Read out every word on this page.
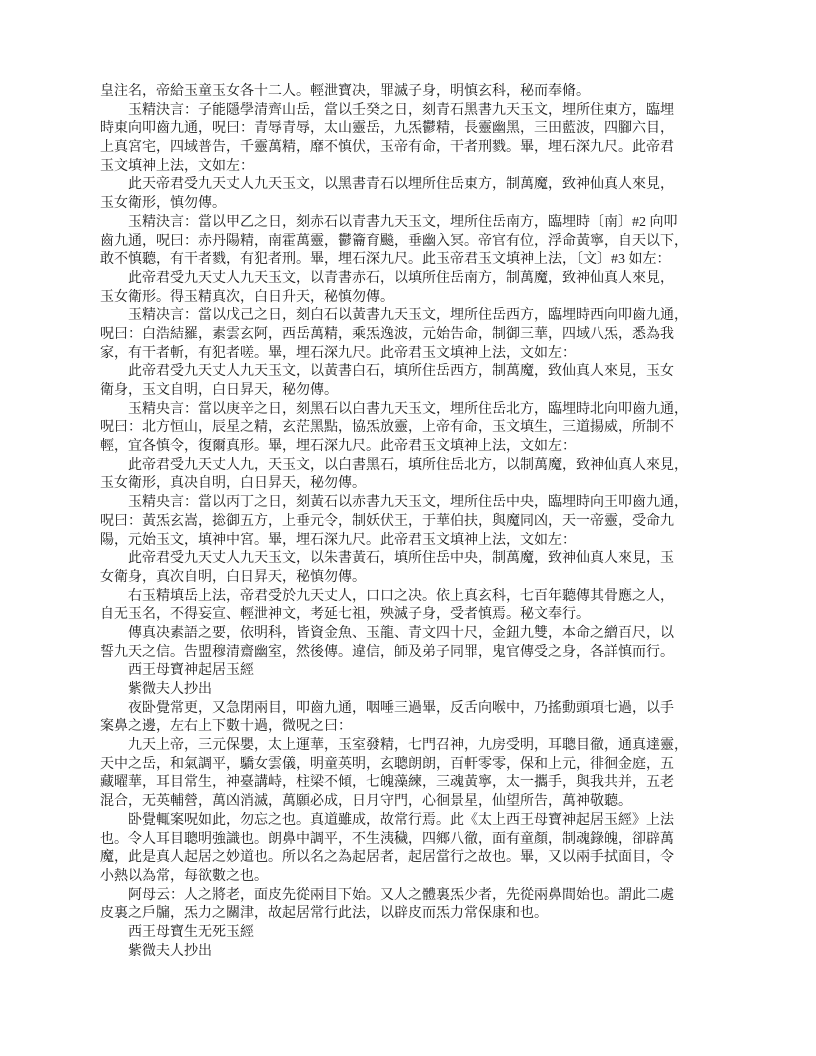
皇注名，帝給玉童玉女各十二人。輕泄寶决，罪滅子身，明慎玄科，秘而奉脩。
　　玉精決言：子能隱學清齊山岳，當以壬癸之日，刻青石黑書九天玉文，埋所住東方，臨埋
時東向叩齒九通，呪曰：青辱青辱，太山靈岳，九炁鬱精，長靈幽黑，三田藍波，四腳六目，
上真宮宅，四域普告，千靈萬精，靡不慎伏，玉帝有命，干者刑戮。畢，埋石深九尺。此帝君
玉文填神上法，文如左：
　　此天帝君受九天丈人九天玉文，以黑書青石以埋所住岳東方，制萬魔，致神仙真人來見，
玉女衛形，慎勿傳。
　　玉精決言：當以甲乙之日，刻赤石以青書九天玉文，埋所住岳南方，臨埋時〔南〕#2 向叩
齒九通，呪曰：赤丹陽精，南霍萬靈，鬱籥育飈，垂幽入冥。帝官有位，浮命黃寧，自天以下，
敢不慎聽，有干者戮，有犯者刑。畢，埋石深九尺。此玉帝君玉文填神上法，〔文〕#3 如左：
　　此帝君受九天丈人九天玉文，以青書赤石，以填所住岳南方，制萬魔，致神仙真人來見，
玉女衛形。得玉精真次，白日升天，秘慎勿傳。
　　玉精决言：當以戊己之日，刻白石以黃書九天玉文，埋所住岳西方，臨埋時西向叩齒九通，
呪曰：白浩結羅，素雲玄阿，西岳萬精，乘炁逸波，元始告命，制御三華，四域八炁，悉為我
家，有干者斬，有犯者嗟。畢，埋石深九尺。此帝君玉文填神上法，文如左：
　　此帝君受九天丈人九天玉文，以黃書白石，填所住岳西方，制萬魔，致仙真人來見，玉女
衛身，玉文自明，白日昇天，秘勿傳。
　　玉精央言：當以庚辛之日，刻黑石以白書九天玉文，埋所住岳北方，臨埋時北向叩齒九通，
呪曰：北方恒山，辰星之精，玄茫黑點，協炁放靈，上帝有命，玉文填生，三道揚威，所制不
輕，宜各慎令，復爾真形。畢，埋石深九尺。此帝君玉文填神上法，文如左：
　　此帝君受九天丈人九，天玉文，以白書黑石，填所住岳北方，以制萬魔，致神仙真人來見，
玉女衛形，真决自明，白日昇天，秘勿傳。
　　玉精央言：當以丙丁之日，刻黃石以赤書九天玉文，埋所住岳中央，臨埋時向王叩齒九通，
呪曰：黃炁玄嵩，捴御五方，上垂元令，制妖伏王，于華伯扶，與魔同凶，天一帝靈，受命九
陽，元始玉文，填神中宮。畢，埋石深九尺。此帝君玉文填神上法，文如左：
　　此帝君受九天丈人九天玉文，以朱書黃石，填所住岳中央，制萬魔，致神仙真人來見，玉
女衛身，真次自明，白日昇天，秘慎勿傳。
　　右玉精填岳上法，帝君受於九天丈人，口口之决。依上真玄科，七百年聽傳其骨應之人，
自无玉名，不得妄宣、輕泄神文，考延七祖，殃滅子身，受者慎焉。秘文奉行。
　　傳真决素語之要，依明科，皆資金魚、玉龍、青文四十尺，金鈕九雙，本命之繒百尺，以
誓九天之信。告盟穆清齋幽室，然後傳。違信，師及弟子同罪，鬼官傳受之身，各詳慎而行。
　　西王母寶神起居玉經
　　紫微夫人抄出
　　夜卧覺常更，又急閉兩目，叩齒九通，咽唾三過畢，反舌向喉中，乃搖動頭項七過，以手
案鼻之邊，左右上下數十過，微呪之曰：
　　九天上帝，三元保嬰，太上運華，玉室發精，七門召神，九房受明，耳聰目徹，通真達靈，
天中之岳，和氣調平，驕女雲儀，明童英明，玄聰朗朗，百軒零零，保和上元，徘徊金庭，五
藏曜華，耳目常生，神臺講峙，柱梁不傾，七魄藻練，三魂黃寧，太一攜手，與我共并，五老
混合，无英輔營，萬凶消滅，萬願必成，日月守門，心徊景星，仙望所告，萬神敬聽。
　　卧覺輒案呪如此，勿忘之也。真道雖成，故常行焉。此《太上西王母寶神起居玉經》上法
也。令人耳目聰明強識也。朗鼻中調平，不生洟穢，四鄉八徹，面有童顏，制魂錄魄，卻辟萬
魔，此是真人起居之妙道也。所以名之為起居者，起居當行之故也。畢，又以兩手拭面目，令
小熱以為常，每欲數之也。
　　阿母云：人之將老，面皮先從兩目下始。又人之體裏炁少者，先從兩鼻間始也。謂此二處
皮裏之戶牖，炁力之關津，故起居常行此法，以辟皮而炁力常保康和也。
　　西王母寶生无死玉經
　　紫微夫人抄出
